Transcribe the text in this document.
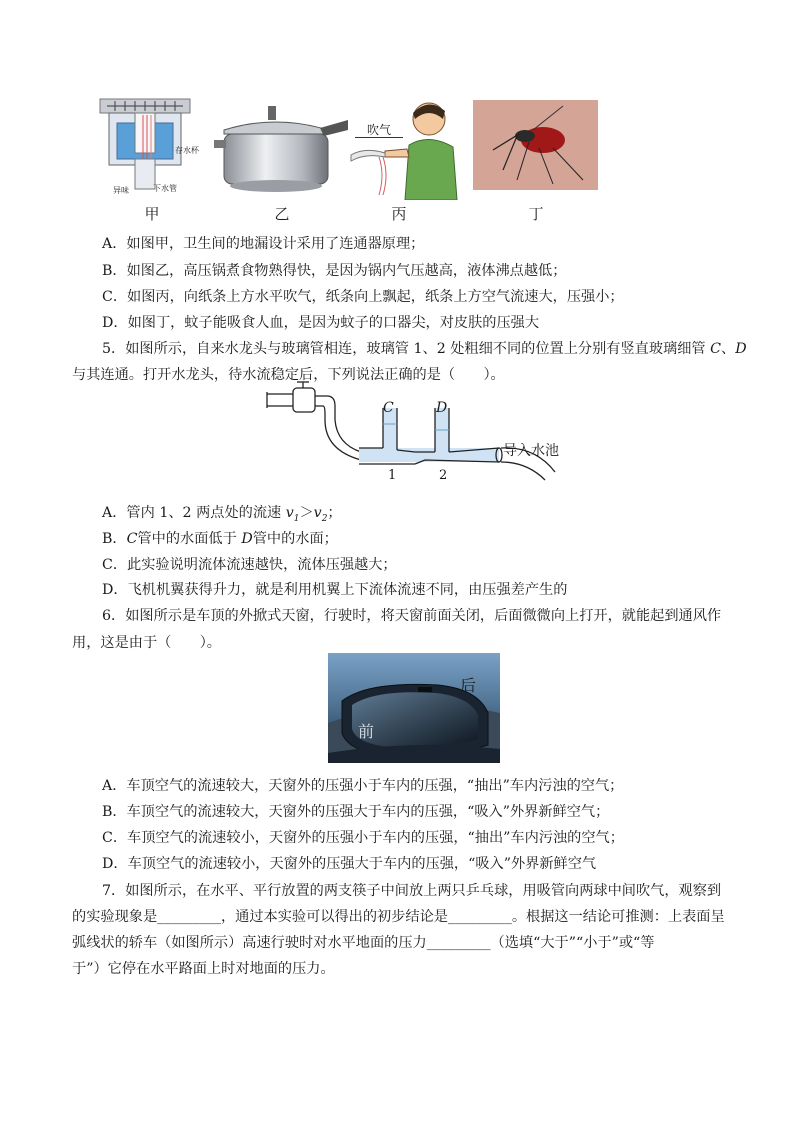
存水杯
异味	下水管
吹气
甲	乙	丙	丁
A．如图甲，卫生间的地漏设计采用了连通器原理；
B．如图乙，高压锅煮食物熟得快，是因为锅内气压越高，液体沸点越低；
C．如图丙，向纸条上方水平吹气，纸条向上飘起，纸条上方空气流速大，压强小；
D．如图丁，蚊子能吸食人血，是因为蚊子的口器尖，对皮肤的压强大
5．如图所示，自来水龙头与玻璃管相连，玻璃管 1、2 处粗细不同的位置上分别有竖直玻璃细管 C、D
与其连通。打开水龙头，待水流稳定后，下列说法正确的是（　　）。
C	D
1	2
导入水池
A．管内 1、2 两点处的流速 $v_1>v_2$；
B．C管中的水面低于 D管中的水面；
C．此实验说明流体流速越快，流体压强越大；
D．飞机机翼获得升力，就是利用机翼上下流体流速不同，由压强差产生的
6．如图所示是车顶的外掀式天窗，行驶时，将天窗前面关闭，后面微微向上打开，就能起到通风作
用，这是由于（　　）。
后
前
A．车顶空气的流速较大，天窗外的压强小于车内的压强，“抽出”车内污浊的空气；
B．车顶空气的流速较大，天窗外的压强大于车内的压强，“吸入”外界新鲜空气；
C．车顶空气的流速较小，天窗外的压强小于车内的压强，“抽出”车内污浊的空气；
D．车顶空气的流速较小，天窗外的压强大于车内的压强，“吸入”外界新鲜空气
7．如图所示，在水平、平行放置的两支筷子中间放上两只乒乓球，用吸管向两球中间吹气，观察到
的实验现象是_________，通过本实验可以得出的初步结论是_________。根据这一结论可推测：上表面呈
弧线状的轿车（如图所示）高速行驶时对水平地面的压力_________（选填“大于”“小于”或“等
于”）它停在水平路面上时对地面的压力。
